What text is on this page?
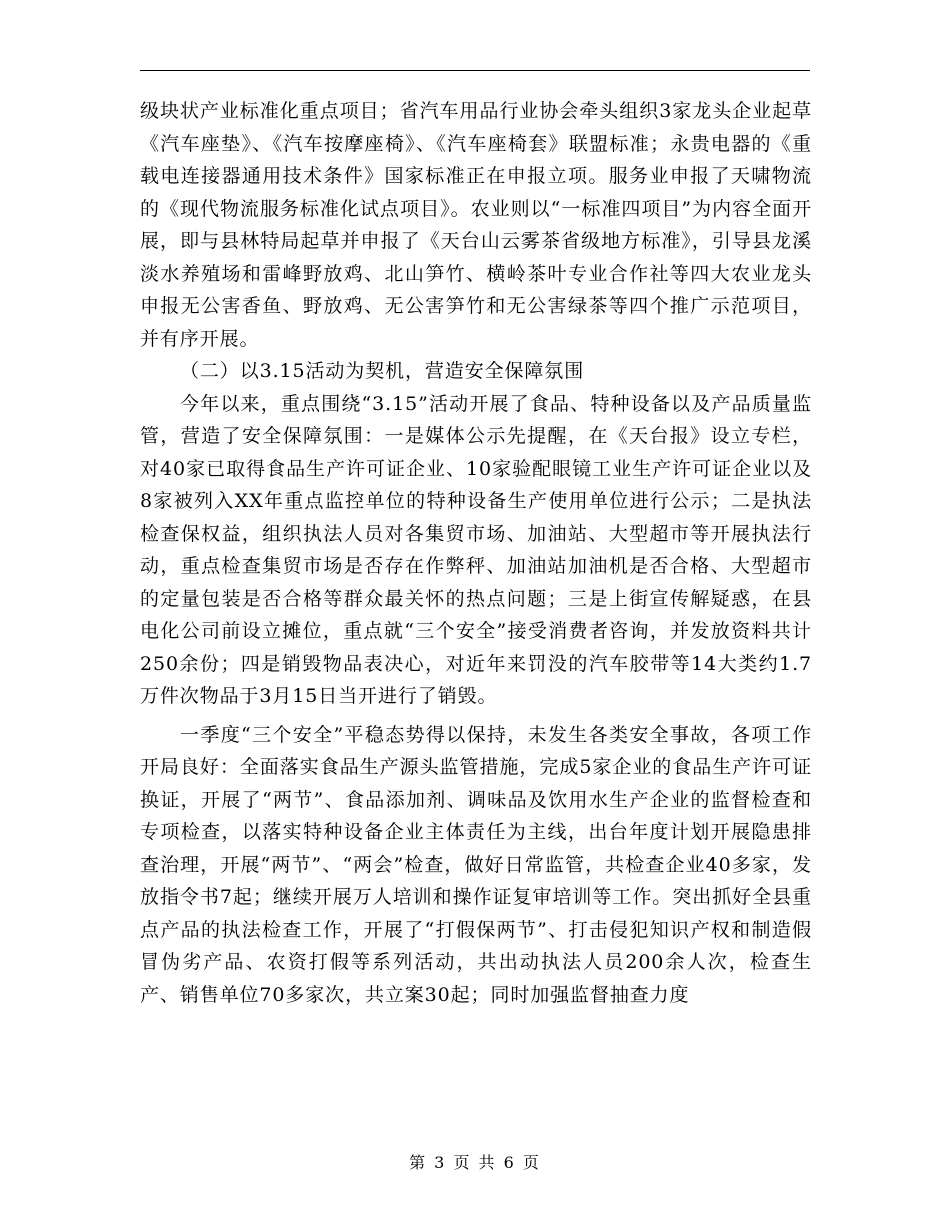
级块状产业标准化重点项目；省汽车用品行业协会牵头组织3家龙头企业起草《汽车座垫》、《汽车按摩座椅》、《汽车座椅套》联盟标准；永贵电器的《重载电连接器通用技术条件》国家标准正在申报立项。服务业申报了天啸物流的《现代物流服务标准化试点项目》。农业则以“一标准四项目”为内容全面开展，即与县林特局起草并申报了《天台山云雾茶省级地方标准》，引导县龙溪淡水养殖场和雷峰野放鸡、北山笋竹、横岭茶叶专业合作社等四大农业龙头申报无公害香鱼、野放鸡、无公害笋竹和无公害绿茶等四个推广示范项目，并有序开展。

（二）以3.15活动为契机，营造安全保障氛围

今年以来，重点围绕“3.15”活动开展了食品、特种设备以及产品质量监管，营造了安全保障氛围：一是媒体公示先提醒，在《天台报》设立专栏，对40家已取得食品生产许可证企业、10家验配眼镜工业生产许可证企业以及8家被列入XX年重点监控单位的特种设备生产使用单位进行公示；二是执法检查保权益，组织执法人员对各集贸市场、加油站、大型超市等开展执法行动，重点检查集贸市场是否存在作弊秤、加油站加油机是否合格、大型超市的定量包装是否合格等群众最关怀的热点问题；三是上街宣传解疑惑，在县电化公司前设立摊位，重点就“三个安全”接受消费者咨询，并发放资料共计250余份；四是销毁物品表决心，对近年来罚没的汽车胶带等14大类约1.7万件次物品于3月15日当开进行了销毁。

一季度“三个安全”平稳态势得以保持，未发生各类安全事故，各项工作开局良好：全面落实食品生产源头监管措施，完成5家企业的食品生产许可证换证，开展了“两节”、食品添加剂、调味品及饮用水生产企业的监督检查和专项检查，以落实特种设备企业主体责任为主线，出台年度计划开展隐患排查治理，开展“两节”、“两会”检查，做好日常监管，共检查企业40多家，发放指令书7起；继续开展万人培训和操作证复审培训等工作。突出抓好全县重点产品的执法检查工作，开展了“打假保两节”、打击侵犯知识产权和制造假冒伪劣产品、农资打假等系列活动，共出动执法人员200余人次，检查生产、销售单位70多家次，共立案30起；同时加强监督抽查力度

第 3 页 共 6 页
